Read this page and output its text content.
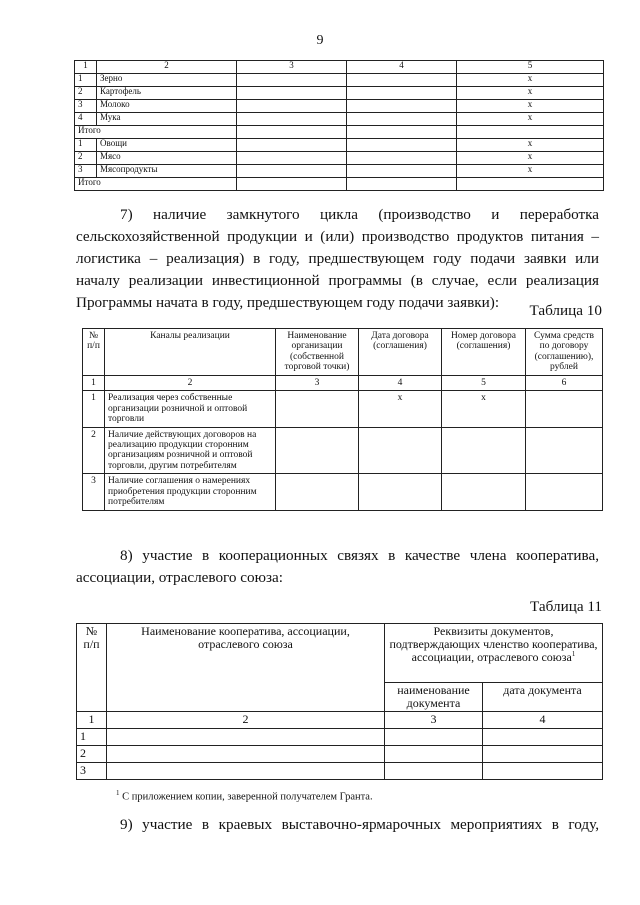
9
1	2	3	4	5
1	Зерно			х
2	Картофель			х
3	Молоко			х
4	Мука			х
Итого				
1	Овощи			х
2	Мясо			х
3	Мясопродукты			х
Итого				
7) наличие замкнутого цикла (производство и переработка
сельскохозяйственной продукции и (или) производство продуктов питания – логистика – реализация) в году, предшествующем году подачи заявки или началу реализации инвестиционной программы (в случае, если реализация Программы начата в году, предшествующем году подачи заявки):	Таблица 10
№ п/п	Каналы реализации	Наименование организации (собственной торговой точки)	Дата договора (соглашения)	Номер договора (соглашения)	Сумма средств по договору (соглашению), рублей
1	2	3	4	5	6
1	Реализация через собственные организации розничной и оптовой торговли		х	х	
2	Наличие действующих договоров на реализацию продукции сторонним организациям розничной и оптовой торговли, другим потребителям				
3	Наличие соглашения о намерениях приобретения продукции сторонним потребителям				
8) участие в кооперационных связях в качестве члена кооператива, ассоциации, отраслевого союза:
Таблица 11
№ п/п	Наименование кооператива, ассоциации, отраслевого союза	Реквизиты документов, подтверждающих членство кооператива, ассоциации, отраслевого союза$^1$
		наименование документа	дата документа
1	2	3	4
1			
2			
3			
$^1$ С приложением копии, заверенной получателем Гранта.
9) участие в краевых выставочно-ярмарочных мероприятиях в году,
